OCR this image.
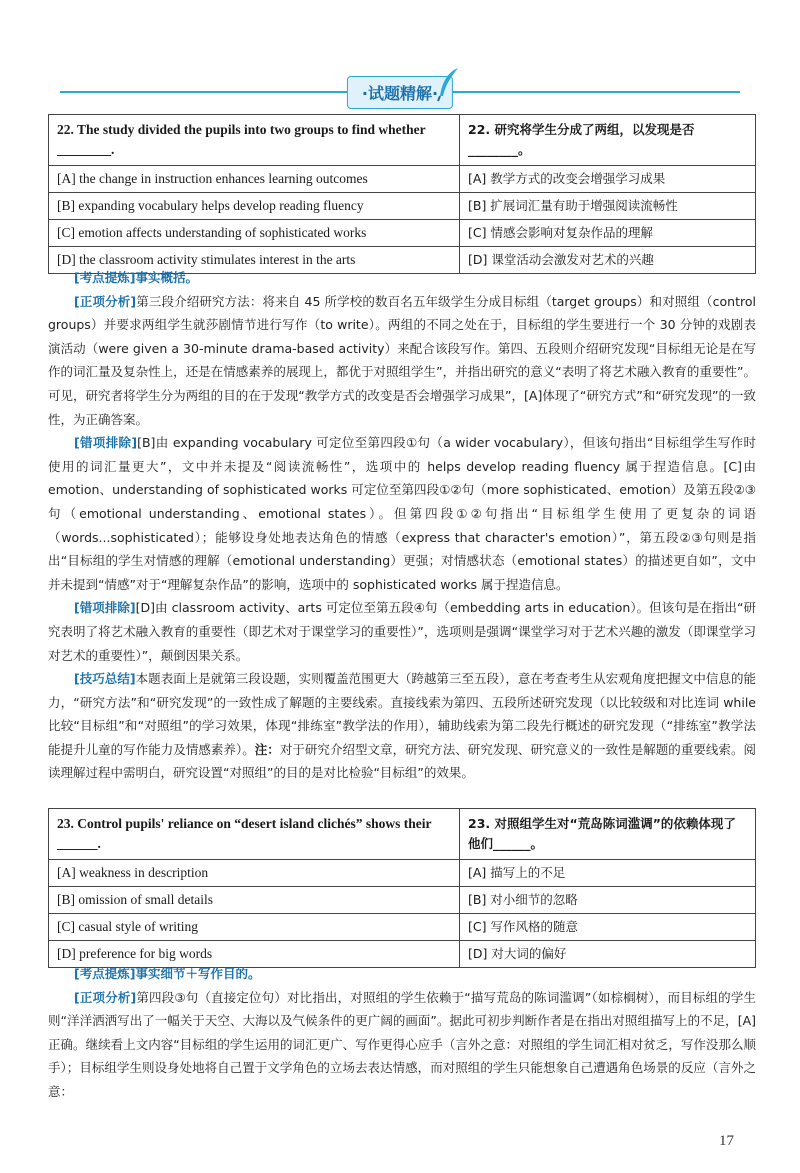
·试题精解·
22. The study divided the pupils into two groups to find whether ________.	22. 研究将学生分成了两组，以发现是否________。
[A] the change in instruction enhances learning outcomes	[A] 教学方式的改变会增强学习成果
[B] expanding vocabulary helps develop reading fluency	[B] 扩展词汇量有助于增强阅读流畅性
[C] emotion affects understanding of sophisticated works	[C] 情感会影响对复杂作品的理解
[D] the classroom activity stimulates interest in the arts	[D] 课堂活动会激发对艺术的兴趣
[考点提炼]事实概括。
[正项分析]第三段介绍研究方法：将来自 45 所学校的数百名五年级学生分成目标组（target groups）和对照组（control groups）并要求两组学生就莎剧情节进行写作（to write）。两组的不同之处在于，目标组的学生要进行一个 30 分钟的戏剧表演活动（were given a 30-minute drama-based activity）来配合该段写作。第四、五段则介绍研究发现“目标组无论是在写作的词汇量及复杂性上，还是在情感素养的展现上，都优于对照组学生”，并指出研究的意义“表明了将艺术融入教育的重要性”。可见，研究者将学生分为两组的目的在于发现“教学方式的改变是否会增强学习成果”，[A]体现了“研究方式”和“研究发现”的一致性，为正确答案。
[错项排除][B]由 expanding vocabulary 可定位至第四段①句（a wider vocabulary），但该句指出“目标组学生写作时使用的词汇量更大”，文中并未提及“阅读流畅性”，选项中的 helps develop reading fluency 属于捏造信息。[C]由 emotion、understanding of sophisticated works 可定位至第四段①②句（more sophisticated、emotion）及第五段②③句（emotional understanding、emotional states）。但第四段①②句指出“目标组学生使用了更复杂的词语（words...sophisticated）；能够设身处地表达角色的情感（express that character's emotion）”，第五段②③句则是指出“目标组的学生对情感的理解（emotional understanding）更强；对情感状态（emotional states）的描述更自如”，文中并未提到“情感”对于“理解复杂作品”的影响，选项中的 sophisticated works 属于捏造信息。
[错项排除][D]由 classroom activity、arts 可定位至第五段④句（embedding arts in education）。但该句是在指出“研究表明了将艺术融入教育的重要性（即艺术对于课堂学习的重要性）”，选项则是强调“课堂学习对于艺术兴趣的激发（即课堂学习对艺术的重要性）”，颠倒因果关系。
[技巧总结]本题表面上是就第三段设题，实则覆盖范围更大（跨越第三至五段），意在考查考生从宏观角度把握文中信息的能力，“研究方法”和“研究发现”的一致性成了解题的主要线索。直接线索为第四、五段所述研究发现（以比较级和对比连词 while 比较“目标组”和“对照组”的学习效果，体现“排练室”教学法的作用），辅助线索为第二段先行概述的研究发现（“排练室”教学法能提升儿童的写作能力及情感素养）。注：对于研究介绍型文章，研究方法、研究发现、研究意义的一致性是解题的重要线索。阅读理解过程中需明白，研究设置“对照组”的目的是对比检验“目标组”的效果。
23. Control pupils' reliance on “desert island clichés” shows their ______.	23. 对照组学生对“荒岛陈词滥调”的依赖体现了他们______。
[A] weakness in description	[A] 描写上的不足
[B] omission of small details	[B] 对小细节的忽略
[C] casual style of writing	[C] 写作风格的随意
[D] preference for big words	[D] 对大词的偏好
[考点提炼]事实细节＋写作目的。
[正项分析]第四段③句（直接定位句）对比指出，对照组的学生依赖于“描写荒岛的陈词滥调”（如棕榈树），而目标组的学生则“洋洋洒洒写出了一幅关于天空、大海以及气候条件的更广阔的画面”。据此可初步判断作者是在指出对照组描写上的不足，[A]正确。继续看上文内容“目标组的学生运用的词汇更广、写作更得心应手（言外之意：对照组的学生词汇相对贫乏，写作没那么顺手）；目标组学生则设身处地将自己置于文学角色的立场去表达情感，而对照组的学生只能想象自己遭遇角色场景的反应（言外之意：
17
